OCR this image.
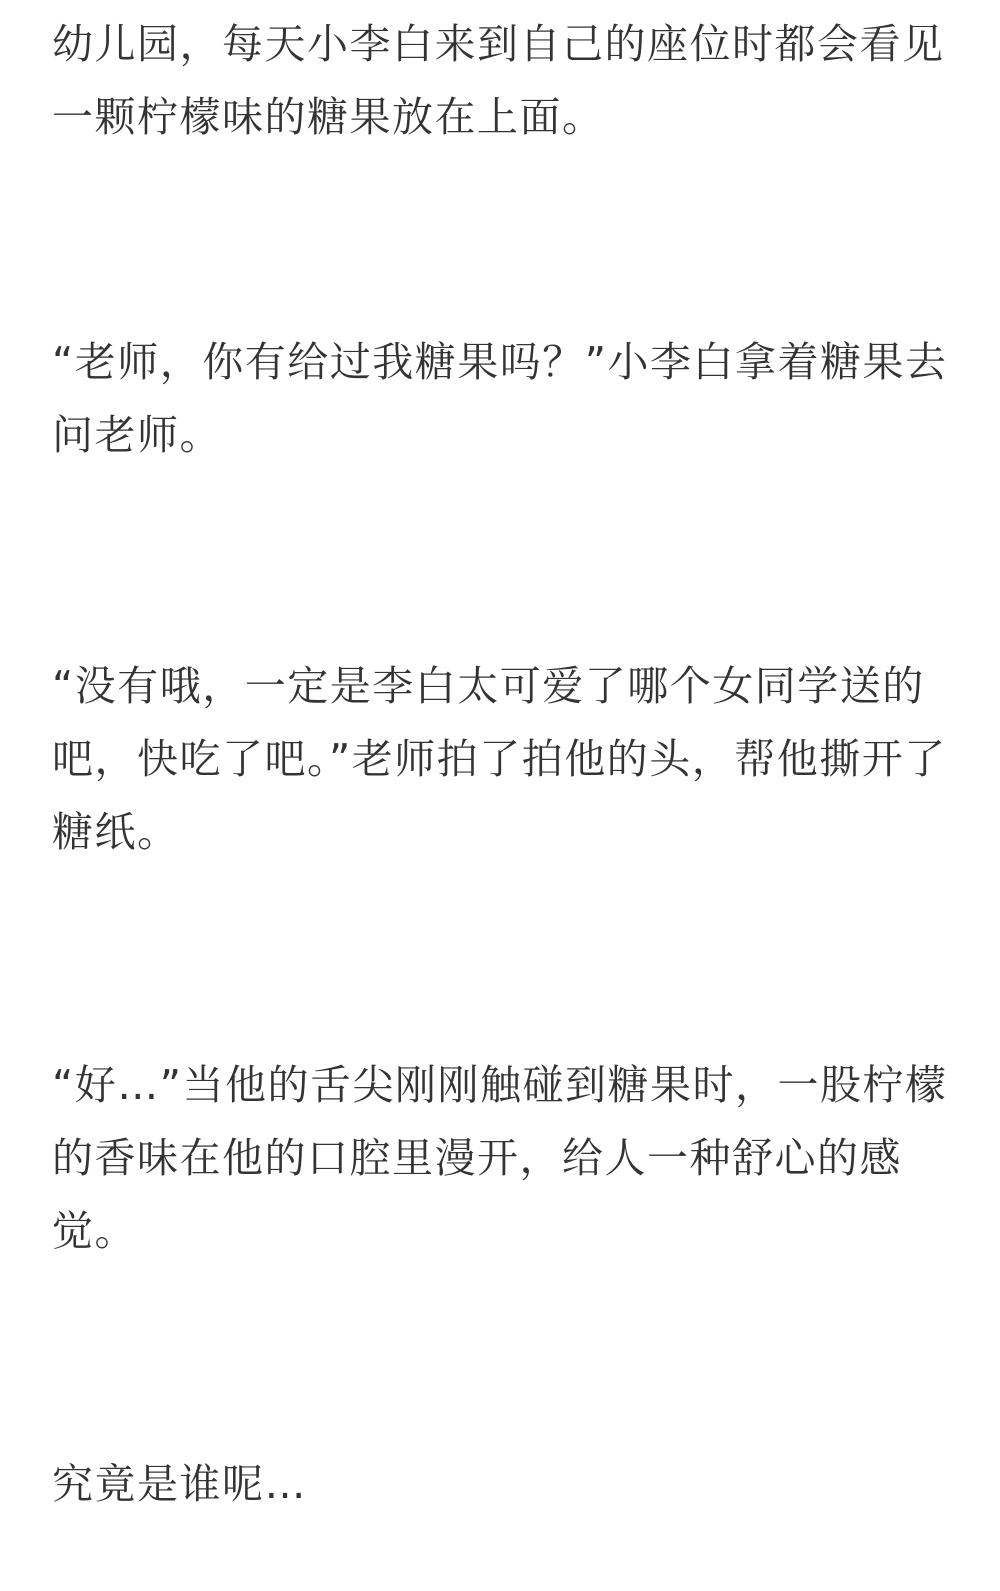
幼儿园，每天小李白来到自己的座位时都会看见一颗柠檬味的糖果放在上面。

“老师，你有给过我糖果吗？”小李白拿着糖果去问老师。

“没有哦，一定是李白太可爱了哪个女同学送的吧，快吃了吧。”老师拍了拍他的头，帮他撕开了糖纸。

“好…”当他的舌尖刚刚触碰到糖果时，一股柠檬的香味在他的口腔里漫开，给人一种舒心的感觉。

究竟是谁呢…
